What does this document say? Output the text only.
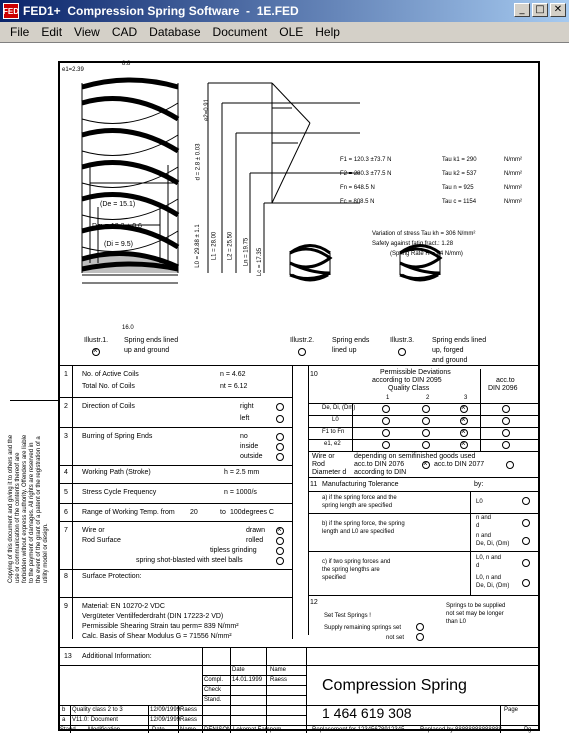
FED FED1+  Compression Spring Software  -  1E.FED	_	□ ✕
File	Edit	View	CAD	Database	Document	OLE	Help
Copying of this document and giving it to others and the use or communication of the contents thereof are forbidden without express authority. Offenders are liable to the payment of damages. All rights are reserved in the event of the grant of a patent or the registration of a utility model or design.
e1=2.39
8.8
e2=0.91
d = 2.8 ± 0.03
(De = 15.1)
Dm = 12.3 ± 0.6
(Di = 9.5)
16.0
L0 = 29.88 ± 1.1 L1 = 28.00 L2 = 25.50 Ln = 19.75 Lc = 17.35
F1 = 120.3 ±73.7 N	Tau k1 = 290	N/mm²
F2 = 280.3 ±77.5 N	Tau k2 = 537	N/mm²
Fn = 648.5 N	Tau n = 925	N/mm²
Fc = 808.5 N	Tau c = 1154	N/mm²
Variation of stress Tau kh = 306 N/mm²
Safety against fatig.fract.: 1.28
(Spring Rate R = 64 N/mm)
Illustr.1. Spring ends lined
up and ground
×
Illustr.2.	Spring ends
lined up
Illustr.3.	Spring ends lined
up, forged
and ground
1 No. of Active Coils	n = 4.62
Total No. of Coils	nt = 6.12
2 Direction of Coils	right
left
3 Burring of Spring Ends	no
inside
outside
4 Working Path (Stroke)	h = 2.5 mm
5 Stress Cycle Frequency	n = 1000/s
6 Range of Working Temp. from 20	to 100degrees C
7 Wire or
Rod Surface
drawn
×
rolled
tipless grinding
spring shot-blasted with steel balls
8 Surface Protection:
9 Material: EN 10270-2 VDC
Vergüteter Ventilfederdraht (DIN 17223-2 VD)
Permissible Shearing Strain tau perm= 839 N/mm²
Calc. Basis of Shear Modulus G = 71556 N/mm²
13 Additional Information:
10	Permissible Deviations
according to DIN 2095
Quality Class
acc.to
DIN 2096
1	2	3
De, Di, (Dm)
×
L0
×
F1 to Fn
×
e1, e2
×
Wire or
Rod
Diameter d
depending on semifinished goods used
acc.to DIN 2076
×	acc.to DIN 2077
according to DIN
11 Manufacturing Tolerance	by:
a) if the spring force and the
spring length are specified
L0
b) if the spring force, the spring
length and L0 are specified
n and
d
n and
De, Di, (Dm)
c) if two spring forces and
the spring lengths are
specified
L0, n and
d
L0, n and
De, Di, (Dm)
12
Set Test Springs !
Supply remaining springs set
not set
Springs to be supplied
not set may be longer
than L0
Date	Name
Compl. 14.01.1999 Raess
Check
Stand.
Compression Spring
1 464 619 308	Page
Pg.
b Quality class 2 to 3	12/09/1999 Raess
a V11.0: Document	12/09/1999 Raess
Stand Modification	Date	Name DENISON Lokomat Fampom	Replacement for 12345678912345	Replaced by 88888888888888
